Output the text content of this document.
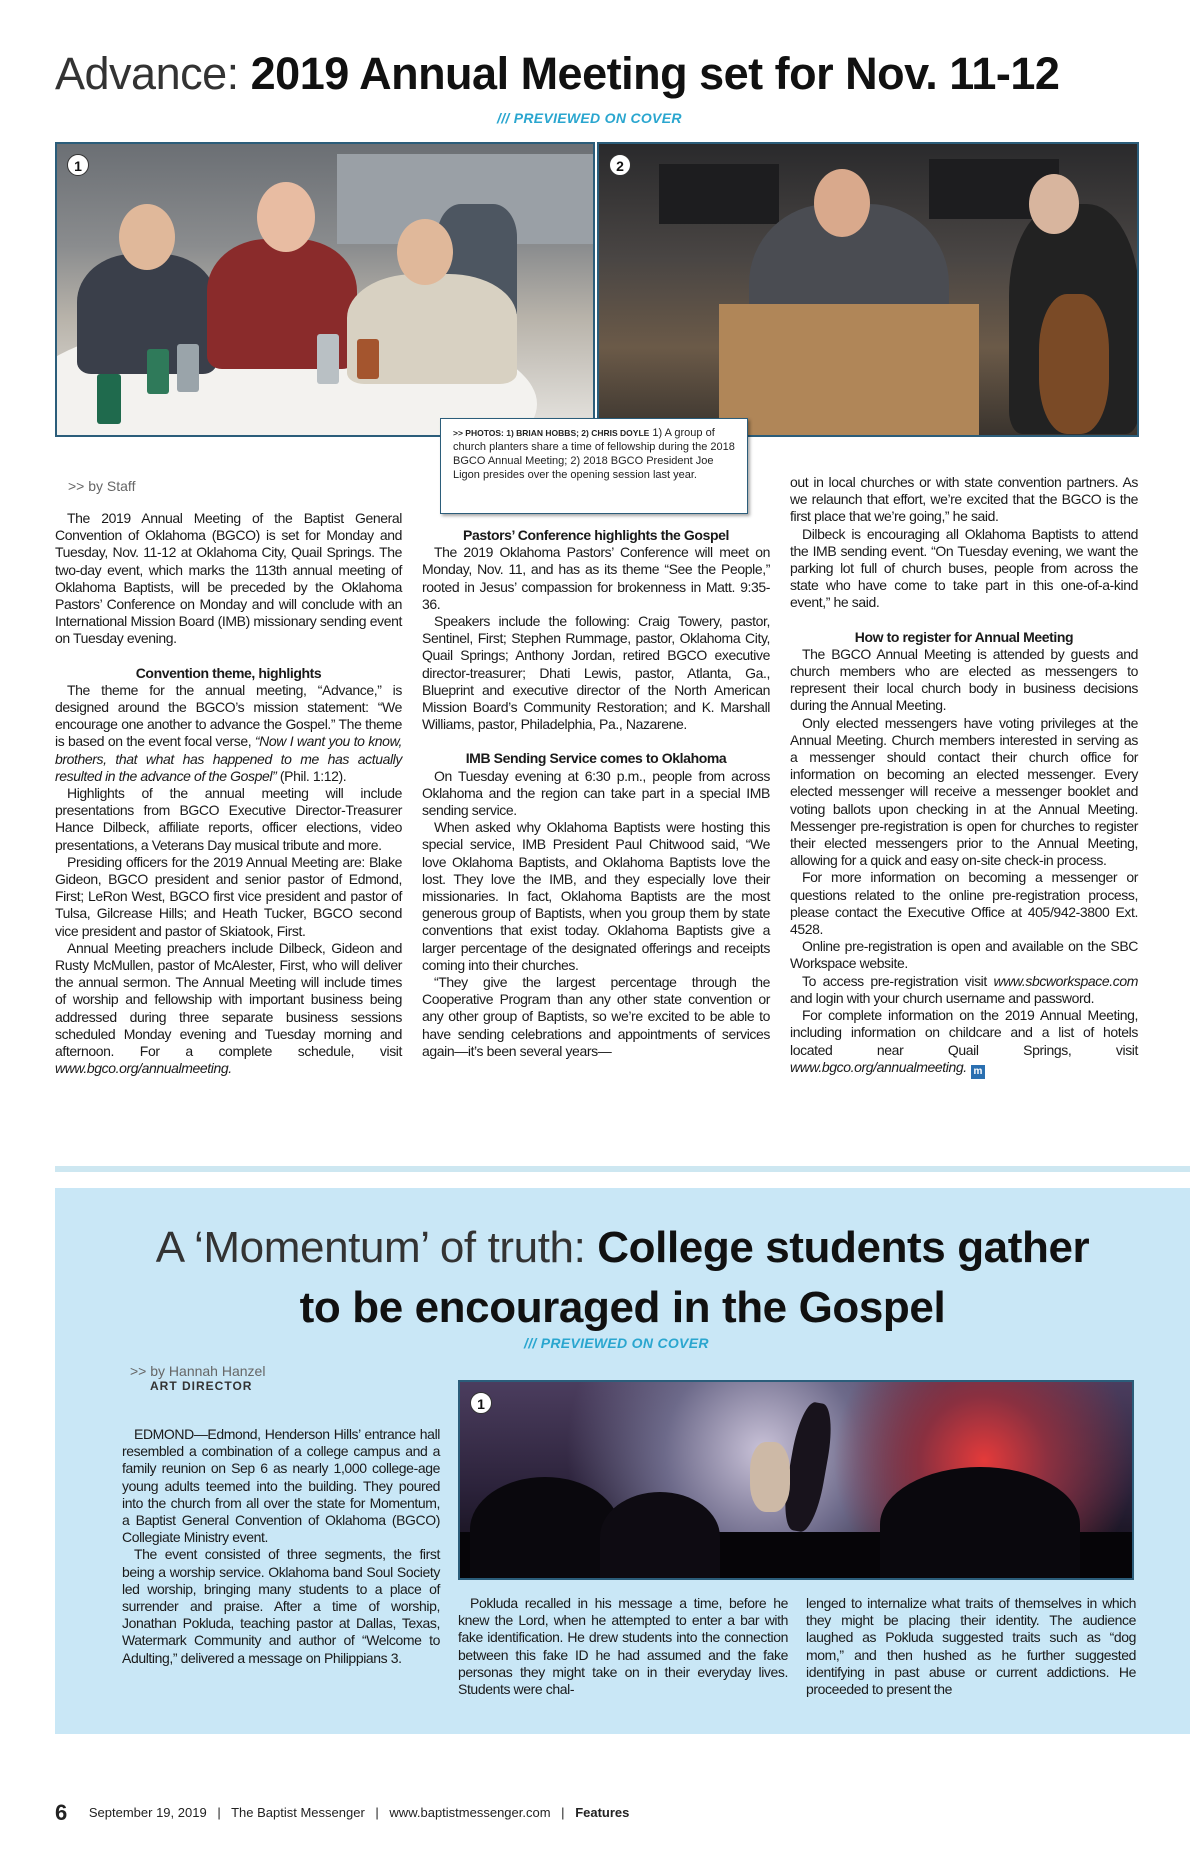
Advance: 2019 Annual Meeting set for Nov. 11-12
/// PREVIEWED ON COVER
1	2
>> PHOTOS: 1) BRIAN HOBBS; 2) CHRIS DOYLE 1) A group of church planters share a time of fellowship during the 2018 BGCO Annual Meeting; 2) 2018 BGCO President Joe Ligon presides over the opening session last year.
>> by Staff

The 2019 Annual Meeting of the Baptist General Convention of Oklahoma (BGCO) is set for Monday and Tuesday, Nov. 11-12 at Oklahoma City, Quail Springs. The two-day event, which marks the 113th annual meeting of Oklahoma Baptists, will be preceded by the Oklahoma Pastors’ Conference on Monday and will conclude with an International Mission Board (IMB) missionary sending event on Tuesday evening.

Convention theme, highlights

The theme for the annual meeting, “Advance,” is designed around the BGCO’s mission statement: “We encourage one another to advance the Gospel.” The theme is based on the event focal verse, “Now I want you to know, brothers, that what has happened to me has actually resulted in the advance of the Gospel” (Phil. 1:12).

Highlights of the annual meeting will include presentations from BGCO Executive Director-Treasurer Hance Dilbeck, affiliate reports, officer elections, video presentations, a Veterans Day musical tribute and more.

Presiding officers for the 2019 Annual Meeting are: Blake Gideon, BGCO president and senior pastor of Edmond, First; LeRon West, BGCO first vice president and pastor of Tulsa, Gilcrease Hills; and Heath Tucker, BGCO second vice president and pastor of Skiatook, First.

Annual Meeting preachers include Dilbeck, Gideon and Rusty McMullen, pastor of McAlester, First, who will deliver the annual sermon. The Annual Meeting will include times of worship and fellowship with important business being addressed during three separate business sessions scheduled Monday evening and Tuesday morning and afternoon. For a complete schedule, visit www.bgco.org/annualmeeting.

Pastors’ Conference highlights the Gospel

The 2019 Oklahoma Pastors’ Conference will meet on Monday, Nov. 11, and has as its theme “See the People,” rooted in Jesus’ compassion for brokenness in Matt. 9:35-36.

Speakers include the following: Craig Towery, pastor, Sentinel, First; Stephen Rummage, pastor, Oklahoma City, Quail Springs; Anthony Jordan, retired BGCO executive director-treasurer; Dhati Lewis, pastor, Atlanta, Ga., Blueprint and executive director of the North American Mission Board’s Community Restoration; and K. Marshall Williams, pastor, Philadelphia, Pa., Nazarene.

IMB Sending Service comes to Oklahoma

On Tuesday evening at 6:30 p.m., people from across Oklahoma and the region can take part in a special IMB sending service.

When asked why Oklahoma Baptists were hosting this special service, IMB President Paul Chitwood said, “We love Oklahoma Baptists, and Oklahoma Baptists love the lost. They love the IMB, and they especially love their missionaries. In fact, Oklahoma Baptists are the most generous group of Baptists, when you group them by state conventions that exist today. Oklahoma Baptists give a larger percentage of the designated offerings and receipts coming into their churches.

“They give the largest percentage through the Cooperative Program than any other state convention or any other group of Baptists, so we’re excited to be able to have sending celebrations and appointments of services again—it’s been several years—

out in local churches or with state convention partners. As we relaunch that effort, we’re excited that the BGCO is the first place that we’re going,” he said.

Dilbeck is encouraging all Oklahoma Baptists to attend the IMB sending event. “On Tuesday evening, we want the parking lot full of church buses, people from across the state who have come to take part in this one-of-a-kind event,” he said.

How to register for Annual Meeting

The BGCO Annual Meeting is attended by guests and church members who are elected as messengers to represent their local church body in business decisions during the Annual Meeting.

Only elected messengers have voting privileges at the Annual Meeting. Church members interested in serving as a messenger should contact their church office for information on becoming an elected messenger. Every elected messenger will receive a messenger booklet and voting ballots upon checking in at the Annual Meeting. Messenger pre-registration is open for churches to register their elected messengers prior to the Annual Meeting, allowing for a quick and easy on-site check-in process.

For more information on becoming a messenger or questions related to the online pre-registration process, please contact the Executive Office at 405/942-3800 Ext. 4528.

Online pre-registration is open and available on the SBC Workspace website.

To access pre-registration visit www.sbcworkspace.com and login with your church username and password.

For complete information on the 2019 Annual Meeting, including information on childcare and a list of hotels located near Quail Springs, visit www.bgco.org/annualmeeting. m

A ‘Momentum’ of truth: College students gather
to be encouraged in the Gospel
/// PREVIEWED ON COVER
>> by Hannah Hanzel
ART DIRECTOR
1

EDMOND—Edmond, Henderson Hills’ entrance hall resembled a combination of a college campus and a family reunion on Sep 6 as nearly 1,000 college-age young adults teemed into the building. They poured into the church from all over the state for Momentum, a Baptist General Convention of Oklahoma (BGCO) Collegiate Ministry event.

The event consisted of three segments, the first being a worship service. Oklahoma band Soul Society led worship, bringing many students to a place of surrender and praise. After a time of worship, Jonathan Pokluda, teaching pastor at Dallas, Texas, Watermark Community and author of “Welcome to Adulting,” delivered a message on Philippians 3.

Pokluda recalled in his message a time, before he knew the Lord, when he attempted to enter a bar with fake identification. He drew students into the connection between this fake ID he had assumed and the fake personas they might take on in their everyday lives. Students were chal-

lenged to internalize what traits of themselves in which they might be placing their identity. The audience laughed as Pokluda suggested traits such as “dog mom,” and then hushed as he further suggested identifying in past abuse or current addictions. He proceeded to present the

6 September 19, 2019 | The Baptist Messenger | www.baptistmessenger.com | Features
